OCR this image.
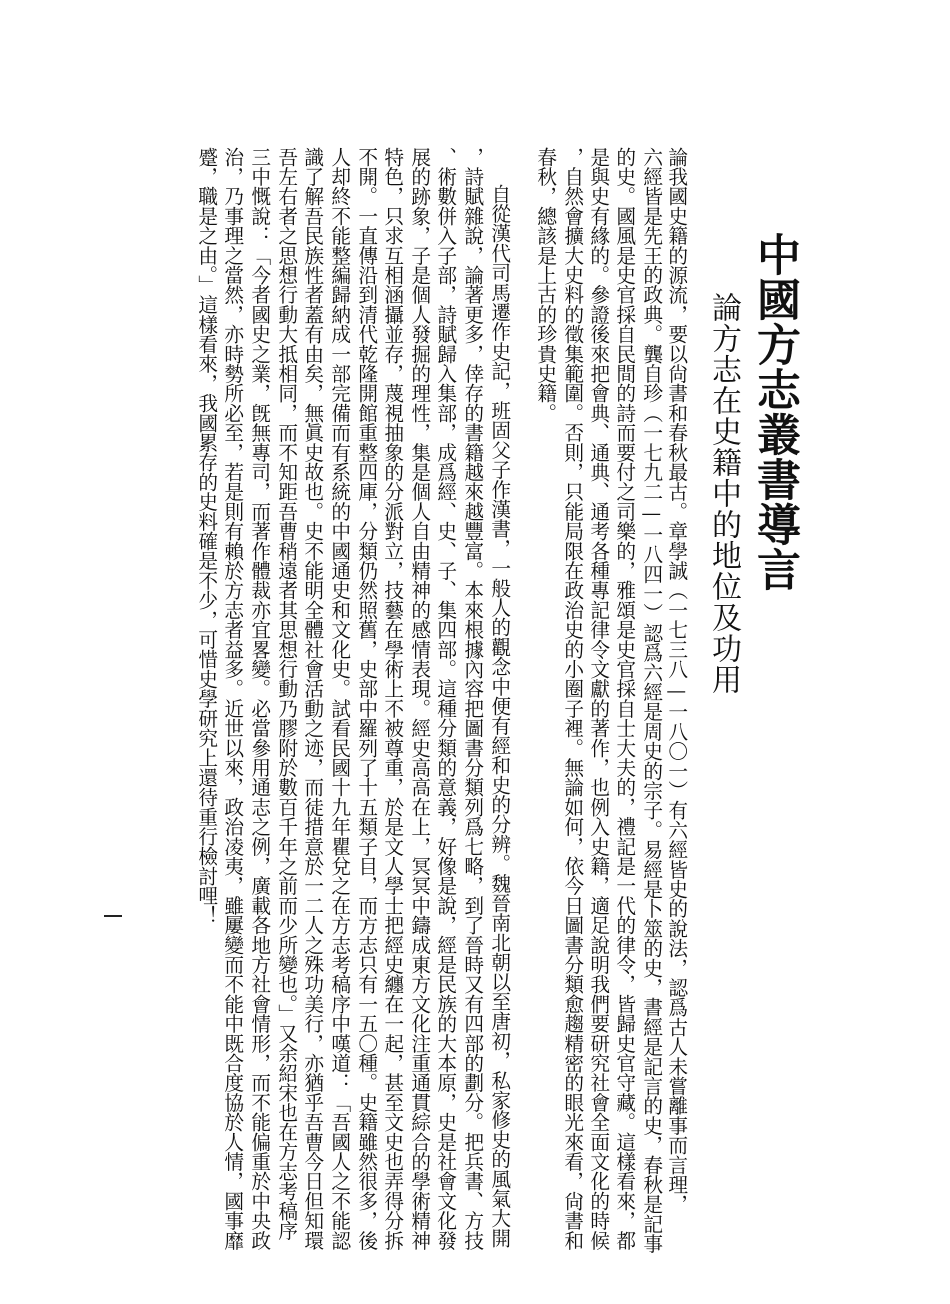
中國方志叢書導言
論方志在史籍中的地位及功用
論我國史籍的源流，要以尙書和春秋最古。章學誠（一七三八—一八〇一）有六經皆史的說法，認爲古人未嘗離事而言理，
六經皆是先王的政典。龔自珍（一七九二—一八四一）認爲六經是周史的宗子。易經是卜筮的史，書經是記言的史，春秋是記事
的史。國風是史官採自民間的詩而要付之司樂的，雅頌是史官採自士大夫的，禮記是一代的律令，皆歸史官守藏。這樣看來，都
是與史有緣的。參證後來把會典、通典、通考各種專記律令文獻的著作，也例入史籍，適足說明我們要研究社會全面文化的時候
，自然會擴大史料的徵集範圍。否則，只能局限在政治史的小圈子裡。無論如何，依今日圖書分類愈趨精密的眼光來看，尙書和
春秋，總該是上古的珍貴史籍。
自從漢代司馬遷作史記，班固父子作漢書，一般人的觀念中便有經和史的分辨。魏晉南北朝以至唐初，私家修史的風氣大開
，詩賦雜說，論著更多，倖存的書籍越來越豐富。本來根據內容把圖書分類列爲七略，到了晉時又有四部的劃分。把兵書、方技
、術數併入子部，詩賦歸入集部，成爲經、史、子、集四部。這種分類的意義，好像是說，經是民族的大本原，史是社會文化發
展的跡象，子是個人發掘的理性，集是個人自由精神的感情表現。經史高高在上，冥冥中鑄成東方文化注重通貫綜合的學術精神
特色，只求互相涵攝並存，蔑視抽象的分派對立，技藝在學術上不被尊重，於是文人學士把經史纏在一起，甚至文史也弄得分拆
不開。一直傳沿到清代乾隆開館重整四庫，分類仍然照舊，史部中羅列了十五類子目，而方志只有一五〇種。史籍雖然很多，後
人却終不能整編歸納成一部完備而有系統的中國通史和文化史。試看民國十九年瞿兌之在方志考稿序中嘆道：「吾國人之不能認
識了解吾民族性者蓋有由矣，無眞史故也。史不能明全體社會活動之迹，而徒措意於一二人之殊功美行，亦猶乎吾曹今日但知環
吾左右者之思想行動大抵相同，而不知距吾曹稍遠者其思想行動乃膠附於數百千年之前而少所變也。」又余紹宋也在方志考稿序
三中慨說：「今者國史之業，旣無專司，而著作體裁亦宜畧變。必當參用通志之例，廣載各地方社會情形，而不能偏重於中央政
治，乃事理之當然，亦時勢所必至，若是則有賴於方志者益多。近世以來，政治凌夷，雖屢變而不能中既合度協於人情，國事靡
蹙，職是之由。」這樣看來，我國累存的史料確是不少，可惜史學研究上還待重行檢討哩！
